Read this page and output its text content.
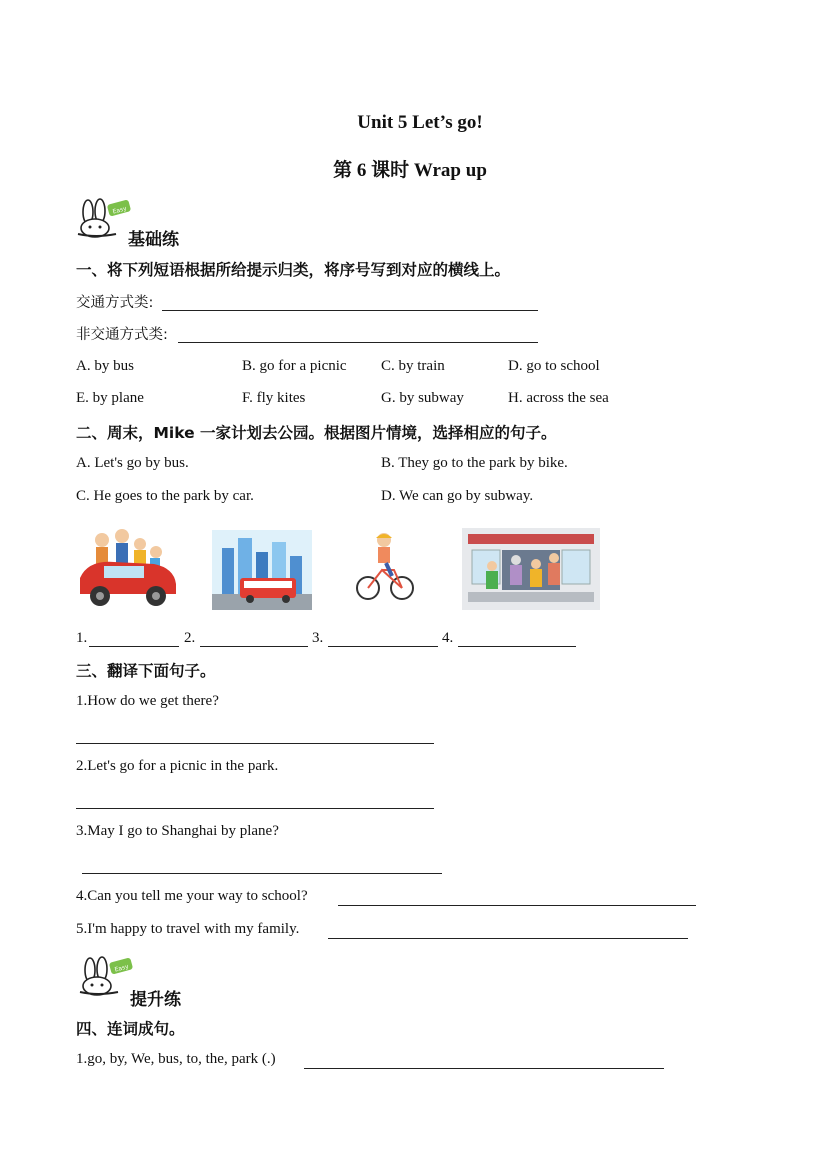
Unit 5 Let’s go!
第 6 课时 Wrap up
Easy
基础练
一、将下列短语根据所给提示归类，将序号写到对应的横线上。
交通方式类:
非交通方式类:
A. by bus	B. go for a picnic C. by train	D. go to school
E. by plane	F. fly kites	G. by subway	H. across the sea
二、周末，Mike 一家计划去公园。根据图片情境，选择相应的句子。
A. Let's go by bus.	B. They go to the park by bike.
C. He goes to the park by car.	D. We can go by subway.
1.	2.	3.	4.
三、翻译下面句子。
1.How do we get there?
2.Let's go for a picnic in the park.
3.May I go to Shanghai by plane?
4.Can you tell me your way to school?
5.I'm happy to travel with my family.
Easy
提升练
四、连词成句。
1.go, by, We, bus, to, the, park (.)
